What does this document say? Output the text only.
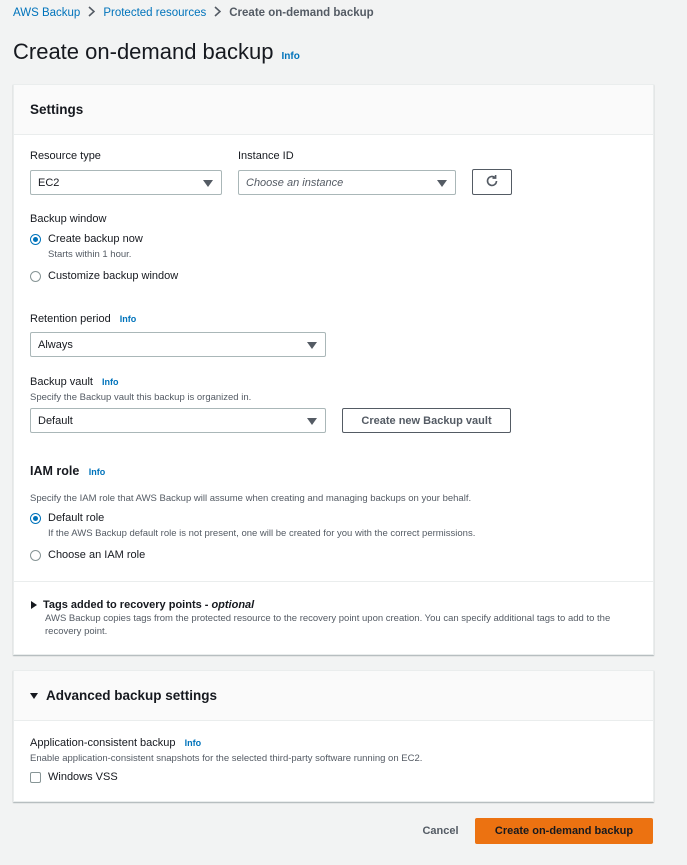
AWS Backup Protected resources Create on-demand backup
Create on-demand backup Info
Settings
Resource type
EC2
Instance ID
Choose an instance
Backup window
Create backup now
Starts within 1 hour.
Customize backup window
Retention period Info
Always
Backup vault Info
Specify the Backup vault this backup is organized in.
Default	Create new Backup vault
IAM role Info
Specify the IAM role that AWS Backup will assume when creating and managing backups on your behalf.
Default role
If the AWS Backup default role is not present, one will be created for you with the correct permissions.
Choose an IAM role
Tags added to recovery points - optional
AWS Backup copies tags from the protected resource to the recovery point upon creation. You can specify additional tags to add to the
recovery point.
Advanced backup settings
Application-consistent backup Info
Enable application-consistent snapshots for the selected third-party software running on EC2.
Windows VSS
Cancel	Create on-demand backup
